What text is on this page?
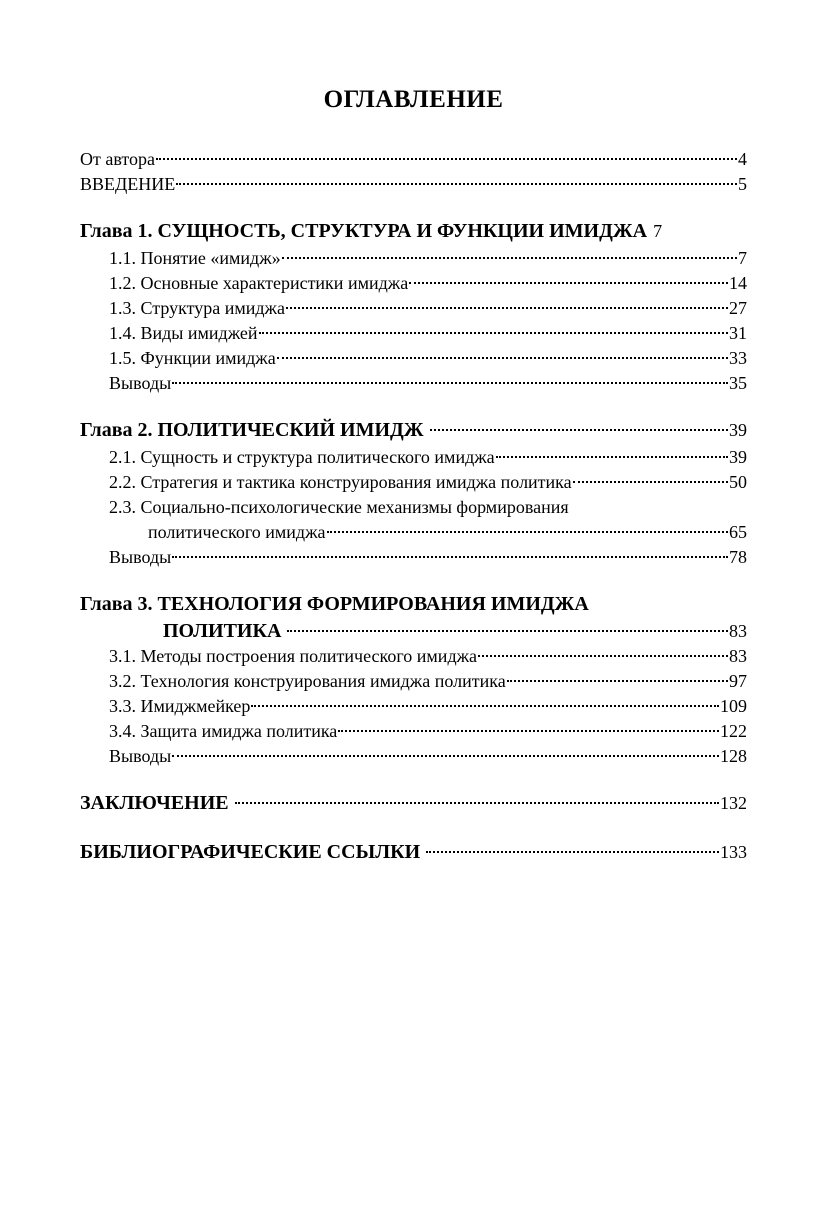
ОГЛАВЛЕНИЕ
От автора	4
ВВЕДЕНИЕ	5
Глава 1. СУЩНОСТЬ, СТРУКТУРА И ФУНКЦИИ ИМИДЖА 7
1.1. Понятие «имидж»	7
1.2. Основные характеристики имиджа	14
1.3. Структура имиджа	27
1.4. Виды имиджей	31
1.5. Функции имиджа	33
Выводы	35
Глава 2. ПОЛИТИЧЕСКИЙ ИМИДЖ	39
2.1. Сущность и структура политического имиджа	39
2.2. Стратегия и тактика конструирования имиджа политика	50
2.3. Социально-психологические механизмы формирования
политического имиджа	65
Выводы	78
Глава 3. ТЕХНОЛОГИЯ ФОРМИРОВАНИЯ ИМИДЖА
ПОЛИТИКА	83
3.1. Методы построения политического имиджа	83
3.2. Технология конструирования имиджа политика	97
3.3. Имиджмейкер	109
3.4. Защита имиджа политика	122
Выводы	128
ЗАКЛЮЧЕНИЕ	132
БИБЛИОГРАФИЧЕСКИЕ ССЫЛКИ	133
